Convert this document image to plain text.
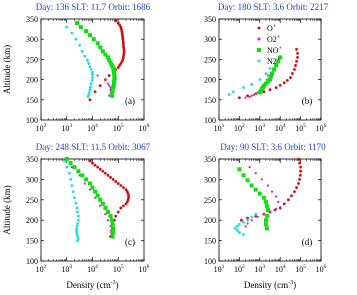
Day: 136 SLT: 11.7 Orbit: 1686
100
150
200
250
300
350
$10^2$ $10^3$ $10^4$ $10^5$ $10^6$
Altitude (km)
(a)
Day: 180 SLT: 3.6 Orbit: 2217
100
150
200
250
300
350
$10^1$ $10^2$ $10^3$ $10^4$ $10^5$ $10^6$
(b)
O+
O2+
NO+
N2+
Day: 248 SLT: 11.5 Orbit: 3067
100
150
200
250
300
350
$10^2$ $10^3$ $10^4$ $10^5$ $10^6$
Altitude (km)
(c)
Day: 90 SLT: 3.6 Orbit: 1170
100
150
200
250
300
350
$10^1$ $10^2$ $10^3$ $10^4$ $10^5$ $10^6$
(d)
Density $(cm^{-3})$	Density $(cm^{-3})$
